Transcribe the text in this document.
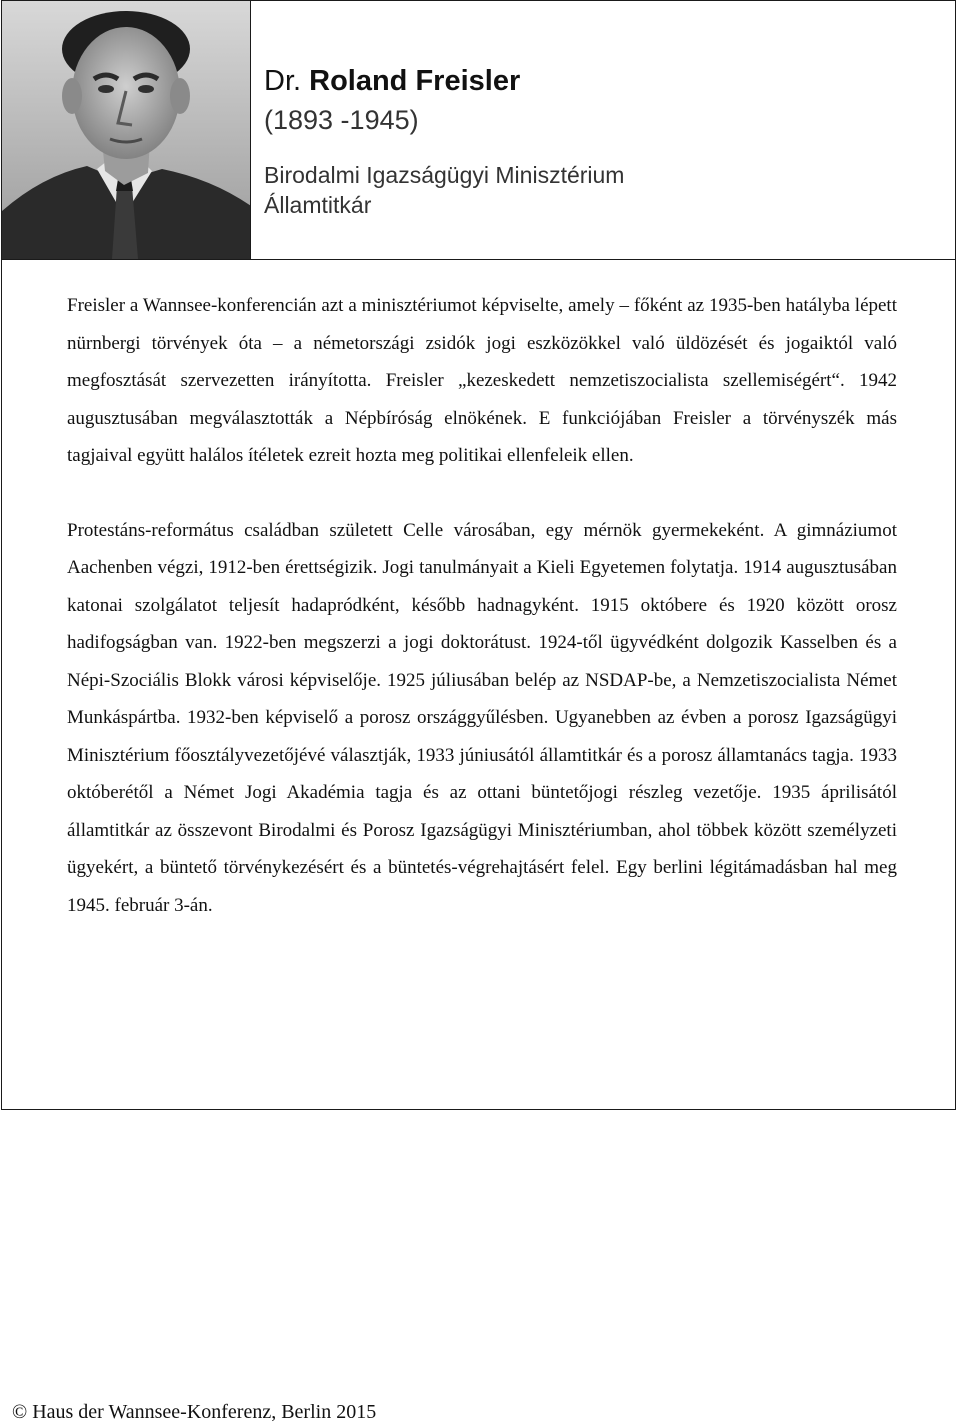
Dr. Roland Freisler

(1893 -1945)

Birodalmi Igazságügyi Minisztérium

Államtitkár

Freisler a Wannsee-konferencián azt a minisztériumot képviselte, amely – főként az 1935-ben hatályba lépett nürnbergi törvények óta – a németországi zsidók jogi eszközökkel való üldözését és jogaiktól való megfosztását szervezetten irányította. Freisler „kezeskedett nemzetiszocialista szellemiségért“. 1942 augusztusában megválasztották a Népbíróság elnökének. E funkciójában Freisler a törvényszék más tagjaival együtt halálos ítéletek ezreit hozta meg politikai ellenfeleik ellen.

Protestáns-református családban született Celle városában, egy mérnök gyermekeként. A gimnáziumot Aachenben végzi, 1912-ben érettségizik. Jogi tanulmányait a Kieli Egyetemen folytatja. 1914 augusztusában katonai szolgálatot teljesít hadapródként, később hadnagyként. 1915 októbere és 1920 között orosz hadifogságban van. 1922-ben megszerzi a jogi doktorátust. 1924-től ügyvédként dolgozik Kasselben és a Népi-Szociális Blokk városi képviselője. 1925 júliusában belép az NSDAP-be, a Nemzetiszocialista Német Munkáspártba. 1932-ben képviselő a porosz országgyűlésben. Ugyanebben az évben a porosz Igazságügyi Minisztérium főosztályvezetőjévé választják, 1933 júniusától államtitkár és a porosz államtanács tagja. 1933 októberétől a Német Jogi Akadémia tagja és az ottani büntetőjogi részleg vezetője. 1935 áprilisától államtitkár az összevont Birodalmi és Porosz Igazságügyi Minisztériumban, ahol többek között személyzeti ügyekért, a büntető törvénykezésért és a büntetés-végrehajtásért felel. Egy berlini légitámadásban hal meg 1945. február 3-án.

© Haus der Wannsee-Konferenz, Berlin 2015
